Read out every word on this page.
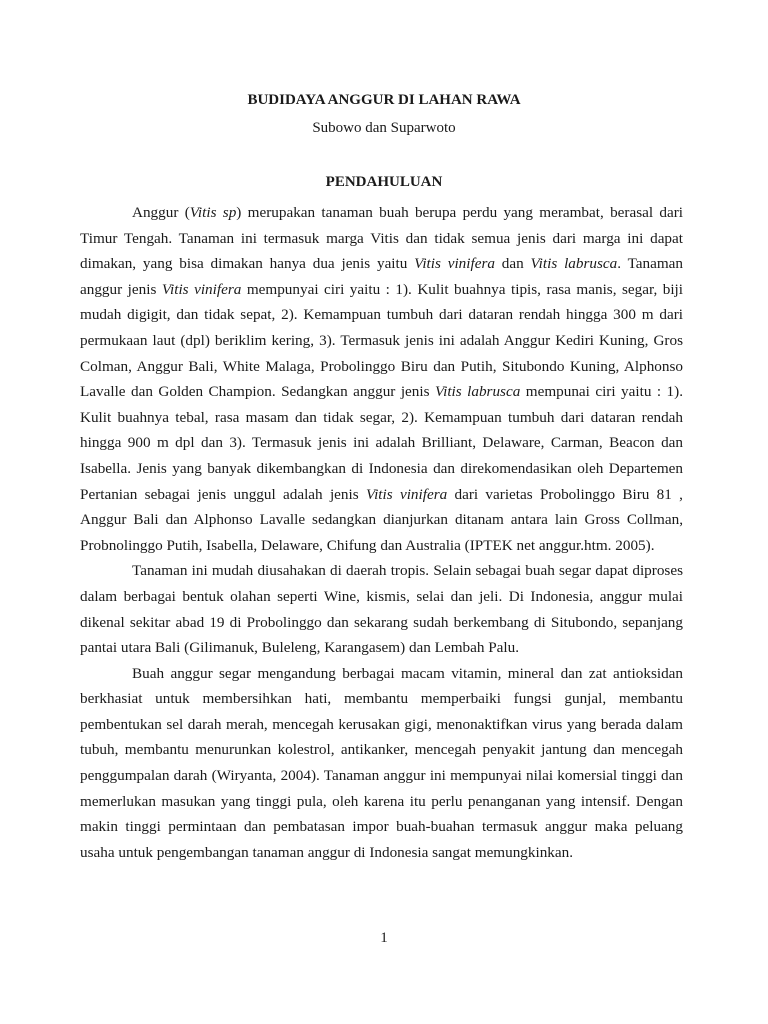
BUDIDAYA ANGGUR DI LAHAN RAWA
Subowo dan Suparwoto
PENDAHULUAN

Anggur (Vitis sp) merupakan tanaman buah berupa perdu yang merambat, berasal dari Timur Tengah. Tanaman ini termasuk marga Vitis dan tidak semua jenis dari marga ini dapat dimakan, yang bisa dimakan hanya dua jenis yaitu Vitis vinifera dan Vitis labrusca. Tanaman anggur jenis Vitis vinifera mempunyai ciri yaitu : 1). Kulit buahnya tipis, rasa manis, segar, biji mudah digigit, dan tidak sepat, 2). Kemampuan tumbuh dari dataran rendah hingga 300 m dari permukaan laut (dpl) beriklim kering, 3). Termasuk jenis ini adalah Anggur Kediri Kuning, Gros Colman, Anggur Bali, White Malaga, Probolinggo Biru dan Putih, Situbondo Kuning, Alphonso Lavalle dan Golden Champion. Sedangkan anggur jenis Vitis labrusca mempunai ciri yaitu : 1). Kulit buahnya tebal, rasa masam dan tidak segar, 2). Kemampuan tumbuh dari dataran rendah hingga 900 m dpl dan 3). Termasuk jenis ini adalah Brilliant, Delaware, Carman, Beacon dan Isabella. Jenis yang banyak dikembangkan di Indonesia dan direkomendasikan oleh Departemen Pertanian sebagai jenis unggul adalah jenis Vitis vinifera dari varietas Probolinggo Biru 81 , Anggur Bali dan Alphonso Lavalle sedangkan dianjurkan ditanam antara lain Gross Collman, Probnolinggo Putih, Isabella, Delaware, Chifung dan Australia (IPTEK net anggur.htm. 2005).

Tanaman ini mudah diusahakan di daerah tropis. Selain sebagai buah segar dapat diproses dalam berbagai bentuk olahan seperti Wine, kismis, selai dan jeli. Di Indonesia, anggur mulai dikenal sekitar abad 19 di Probolinggo dan sekarang sudah berkembang di Situbondo, sepanjang pantai utara Bali (Gilimanuk, Buleleng, Karangasem) dan Lembah Palu.

Buah anggur segar mengandung berbagai macam vitamin, mineral dan zat antioksidan berkhasiat untuk membersihkan hati, membantu memperbaiki fungsi gunjal, membantu pembentukan sel darah merah, mencegah kerusakan gigi, menonaktifkan virus yang berada dalam tubuh, membantu menurunkan kolestrol, antikanker, mencegah penyakit jantung dan mencegah penggumpalan darah (Wiryanta, 2004). Tanaman anggur ini mempunyai nilai komersial tinggi dan memerlukan masukan yang tinggi pula, oleh karena itu perlu penanganan yang intensif. Dengan makin tinggi permintaan dan pembatasan impor buah-buahan termasuk anggur maka peluang usaha untuk pengembangan tanaman anggur di Indonesia sangat memungkinkan.

1
